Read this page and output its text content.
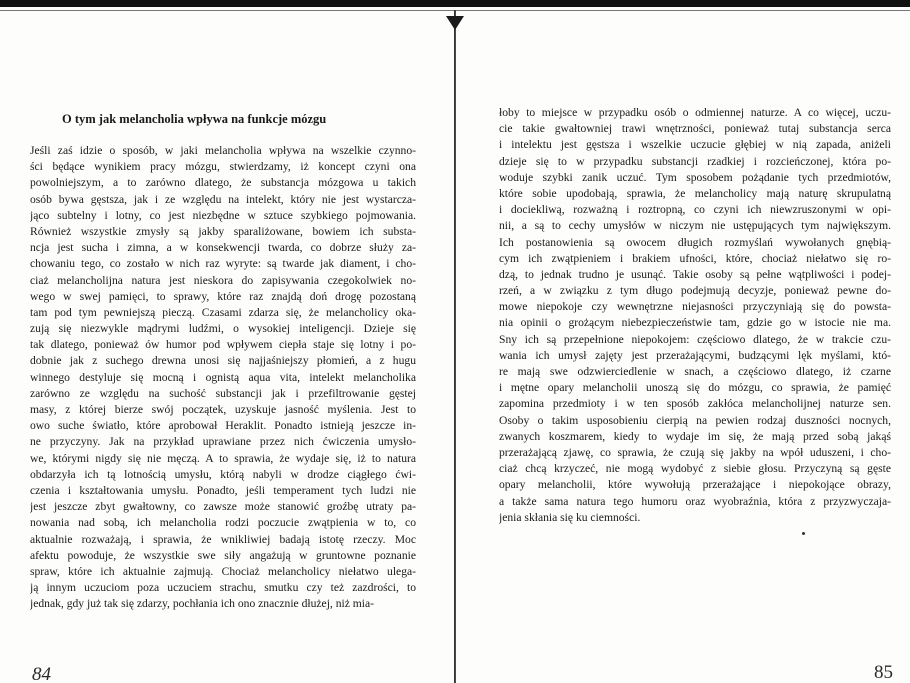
O tym jak melancholia wpływa na funkcje mózgu
Jeśli zaś idzie o sposób, w jaki melancholia wpływa na wszelkie czynno-
ści będące wynikiem pracy mózgu, stwierdzamy, iż koncept czyni ona
powolniejszym, a to zarówno dlatego, że substancja mózgowa u takich
osób bywa gęstsza, jak i ze względu na intelekt, który nie jest wystarcza-
jąco subtelny i lotny, co jest niezbędne w sztuce szybkiego pojmowania.
Również wszystkie zmysły są jakby sparaliżowane, bowiem ich substa-
ncja jest sucha i zimna, a w konsekwencji twarda, co dobrze służy za-
chowaniu tego, co zostało w nich raz wyryte: są twarde jak diament, i cho-
ciaż melancholijna natura jest nieskora do zapisywania czegokolwiek no-
wego w swej pamięci, to sprawy, które raz znajdą doń drogę pozostaną
tam pod tym pewniejszą pieczą. Czasami zdarza się, że melancholicy oka-
zują się niezwykle mądrymi ludźmi, o wysokiej inteligencji. Dzieje się
tak dlatego, ponieważ ów humor pod wpływem ciepła staje się lotny i po-
dobnie jak z suchego drewna unosi się najjaśniejszy płomień, a z hugu
winnego destyluje się mocną i ognistą aqua vita, intelekt melancholika
zarówno ze względu na suchość substancji jak i przefiltrowanie gęstej
masy, z której bierze swój początek, uzyskuje jasność myślenia. Jest to
owo suche światło, które aprobował Heraklit. Ponadto istnieją jeszcze in-
ne przyczyny. Jak na przykład uprawiane przez nich ćwiczenia umysło-
we, którymi nigdy się nie męczą. A to sprawia, że wydaje się, iż to natura
obdarzyła ich tą lotnością umysłu, którą nabyli w drodze ciągłego ćwi-
czenia i kształtowania umysłu. Ponadto, jeśli temperament tych ludzi nie
jest jeszcze zbyt gwałtowny, co zawsze może stanowić groźbę utraty pa-
nowania nad sobą, ich melancholia rodzi poczucie zwątpienia w to, co
aktualnie rozważają, i sprawia, że wnikliwiej badają istotę rzeczy. Moc
afektu powoduje, że wszystkie swe siły angażują w gruntowne poznanie
spraw, które ich aktualnie zajmują. Chociaż melancholicy niełatwo ulega-
ją innym uczuciom poza uczuciem strachu, smutku czy też zazdrości, to
jednak, gdy już tak się zdarzy, pochłania ich ono znacznie dłużej, niż mia-
84
łoby to miejsce w przypadku osób o odmiennej naturze. A co więcej, uczu-
cie takie gwałtowniej trawi wnętrzności, ponieważ tutaj substancja serca
i intelektu jest gęstsza i wszelkie uczucie głębiej w nią zapada, aniżeli
dzieje się to w przypadku substancji rzadkiej i rozcieńczonej, która po-
woduje szybki zanik uczuć. Tym sposobem pożądanie tych przedmiotów,
które sobie upodobają, sprawia, że melancholicy mają naturę skrupulatną
i dociekliwą, rozważną i roztropną, co czyni ich niewzruszonymi w opi-
nii, a są to cechy umysłów w niczym nie ustępujących tym największym.
Ich postanowienia są owocem długich rozmyślań wywołanych gnębią-
cym ich zwątpieniem i brakiem ufności, które, chociaż niełatwo się ro-
dzą, to jednak trudno je usunąć. Takie osoby są pełne wątpliwości i podej-
rzeń, a w związku z tym długo podejmują decyzje, ponieważ pewne do-
mowe niepokoje czy wewnętrzne niejasności przyczyniają się do powsta-
nia opinii o grożącym niebezpieczeństwie tam, gdzie go w istocie nie ma.
Sny ich są przepełnione niepokojem: częściowo dlatego, że w trakcie czu-
wania ich umysł zajęty jest przerażającymi, budzącymi lęk myślami, któ-
re mają swe odzwierciedlenie w snach, a częściowo dlatego, iż czarne
i mętne opary melancholii unoszą się do mózgu, co sprawia, że pamięć
zapomina przedmioty i w ten sposób zakłóca melancholijnej naturze sen.
Osoby o takim usposobieniu cierpią na pewien rodzaj duszności nocnych,
zwanych koszmarem, kiedy to wydaje im się, że mają przed sobą jakąś
przerażającą zjawę, co sprawia, że czują się jakby na wpół uduszeni, i cho-
ciaż chcą krzyczeć, nie mogą wydobyć z siebie głosu. Przyczyną są gęste
opary melancholii, które wywołują przerażające i niepokojące obrazy,
a także sama natura tego humoru oraz wyobraźnia, która z przyzwyczaja-
jenia skłania się ku ciemności.
85
